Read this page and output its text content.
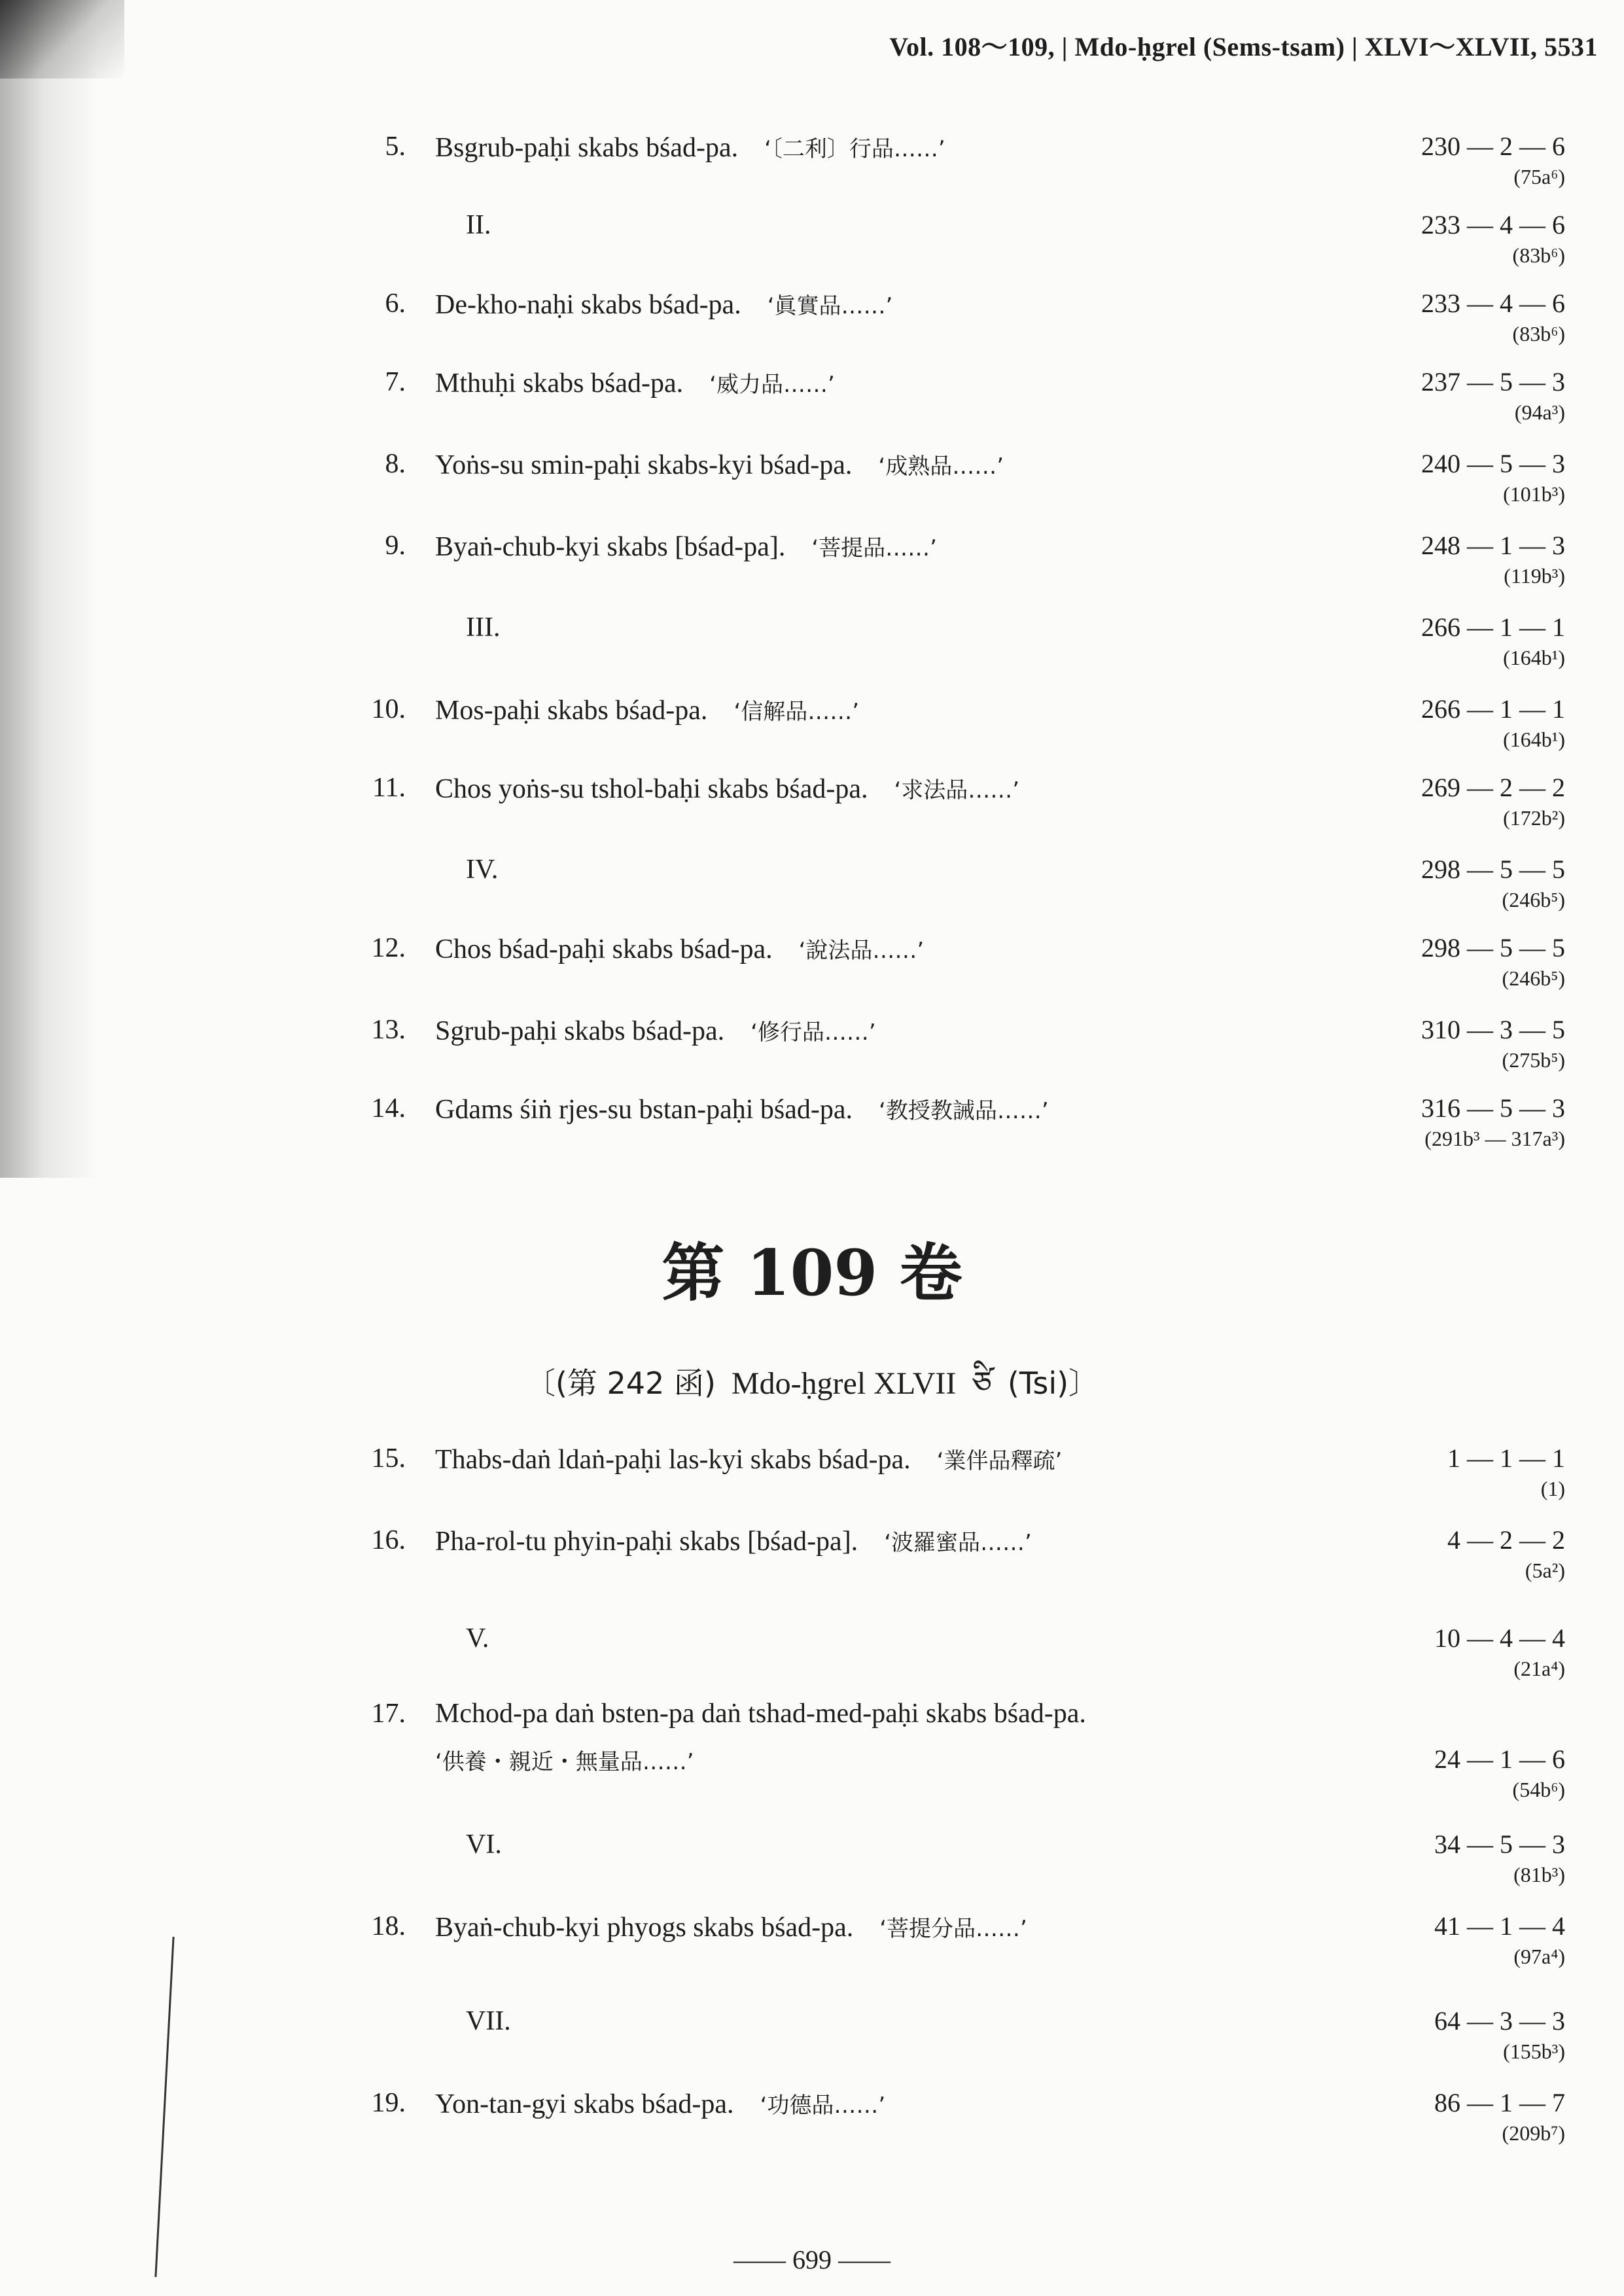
Vol. 108〜109, | Mdo-ḥgrel (Sems-tsam) | XLVI〜XLVII, 5531
5. Bsgrub-paḥi skabs bśad-pa. ‘〔二利〕行品……’	230 — 2 — 6
(75a⁶)
II.	233 — 4 — 6
(83b⁶)
6. De-kho-naḥi skabs bśad-pa. ‘眞實品……’	233 — 4 — 6
(83b⁶)
7. Mthuḥi skabs bśad-pa. ‘威力品……’	237 — 5 — 3
(94a³)
8. Yoṅs-su smin-paḥi skabs-kyi bśad-pa. ‘成熟品……’	240 — 5 — 3
(101b³)
9. Byaṅ-chub-kyi skabs [bśad-pa]. ‘菩提品……’	248 — 1 — 3
(119b³)
III.	266 — 1 — 1
(164b¹)
10. Mos-paḥi skabs bśad-pa. ‘信解品……’	266 — 1 — 1
(164b¹)
11. Chos yoṅs-su tshol-baḥi skabs bśad-pa. ‘求法品……’	269 — 2 — 2
(172b²)
IV.	298 — 5 — 5
(246b⁵)
12. Chos bśad-paḥi skabs bśad-pa. ‘說法品……’	298 — 5 — 5
(246b⁵)
13. Sgrub-paḥi skabs bśad-pa. ‘修行品……’	310 — 3 — 5
(275b⁵)
14. Gdams śiṅ rjes-su bstan-paḥi bśad-pa. ‘教授教誡品……’	316 — 5 — 3
(291b³ — 317a³)
第 109 卷
〔(第 242 函) Mdo-ḥgrel XLVII ཙི (Tsi)〕
15. Thabs-daṅ ldaṅ-paḥi las-kyi skabs bśad-pa. ‘業伴品釋疏’	1 — 1 — 1
(1)
16. Pha-rol-tu phyin-paḥi skabs [bśad-pa]. ‘波羅蜜品……’	4 — 2 — 2
(5a²)
V.	10 — 4 — 4
(21a⁴)
17. Mchod-pa daṅ bsten-pa daṅ tshad-med-paḥi skabs bśad-pa.
‘供養・親近・無量品……’	24 — 1 — 6
(54b⁶)
VI.	34 — 5 — 3
(81b³)
18. Byaṅ-chub-kyi phyogs skabs bśad-pa. ‘菩提分品……’	41 — 1 — 4
(97a⁴)
VII.	64 — 3 — 3
(155b³)
19. Yon-tan-gyi skabs bśad-pa. ‘功德品……’	86 — 1 — 7
(209b⁷)
—— 699 ——
